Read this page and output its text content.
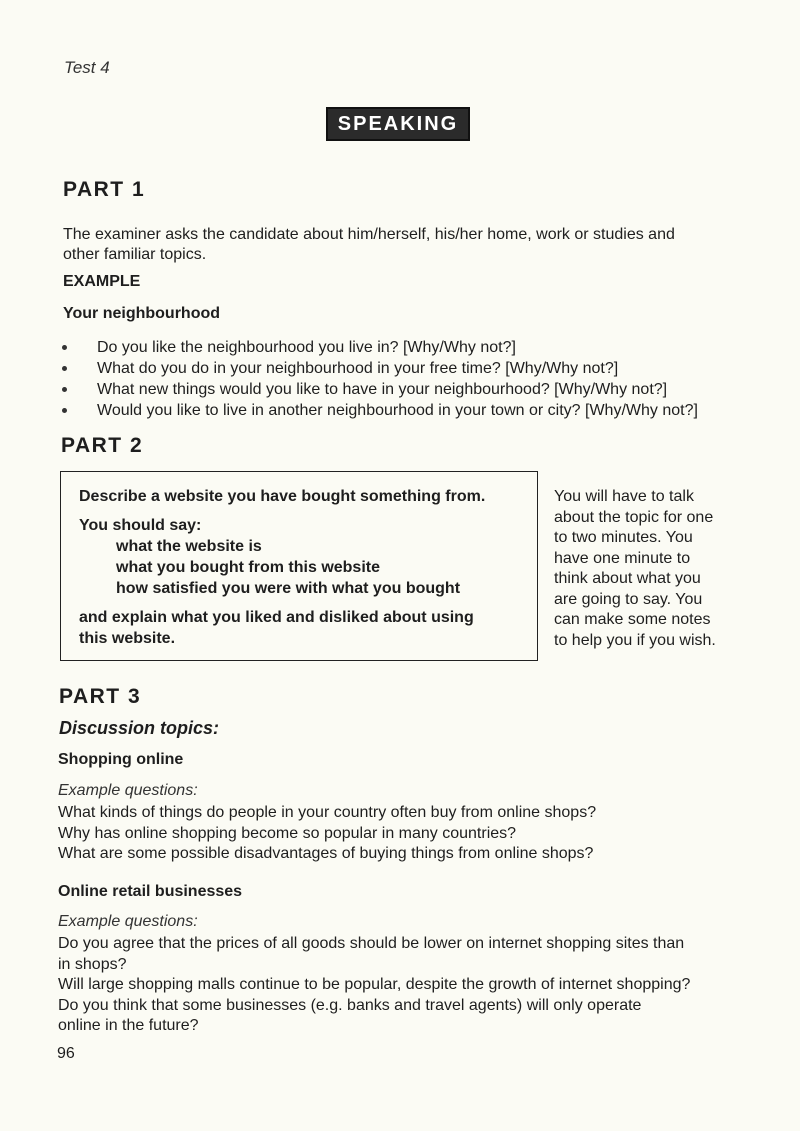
Test 4
SPEAKING
PART 1
The examiner asks the candidate about him/herself, his/her home, work or studies and
other familiar topics.
EXAMPLE
Your neighbourhood
Do you like the neighbourhood you live in? [Why/Why not?]
What do you do in your neighbourhood in your free time? [Why/Why not?]
What new things would you like to have in your neighbourhood? [Why/Why not?]
Would you like to live in another neighbourhood in your town or city? [Why/Why not?]
PART 2
Describe a website you have bought something from.
You should say:
what the website is
what you bought from this website
how satisfied you were with what you bought
and explain what you liked and disliked about using
this website.
You will have to talk
about the topic for one
to two minutes. You
have one minute to
think about what you
are going to say. You
can make some notes
to help you if you wish.
PART 3
Discussion topics:
Shopping online
Example questions:
What kinds of things do people in your country often buy from online shops?
Why has online shopping become so popular in many countries?
What are some possible disadvantages of buying things from online shops?
Online retail businesses
Example questions:
Do you agree that the prices of all goods should be lower on internet shopping sites than
in shops?
Will large shopping malls continue to be popular, despite the growth of internet shopping?
Do you think that some businesses (e.g. banks and travel agents) will only operate
online in the future?
96
